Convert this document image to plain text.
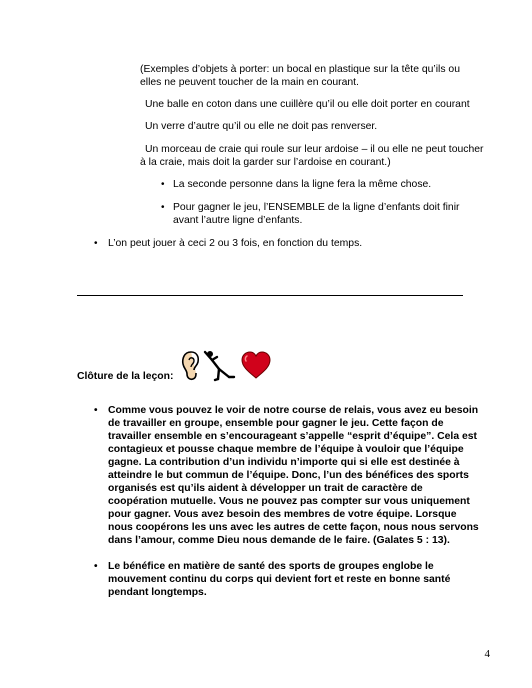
(Exemples d’objets à porter: un bocal en plastique sur la tête qu’ils ou

elles ne peuvent toucher de la main en courant.

Une balle en coton dans une cuillère qu’il ou elle doit porter en courant

Un verre d’autre qu’il ou elle ne doit pas renverser.

Un morceau de craie qui roule sur leur ardoise – il ou elle ne peut toucher

à la craie, mais doit la garder sur l’ardoise en courant.)

• La seconde personne dans la ligne fera la même chose.

• Pour gagner le jeu, l’ENSEMBLE de la ligne d’enfants doit finir

avant l’autre ligne d’enfants.

• L’on peut jouer à ceci 2 ou 3 fois, en fonction du temps.

Clôture de la leçon:

• Comme vous pouvez le voir de notre course de relais, vous avez eu besoin

de travailler en groupe, ensemble pour gagner le jeu. Cette façon de

travailler ensemble en s’encourageant s’appelle “esprit d’équipe”. Cela est

contagieux et pousse chaque membre de l’équipe à vouloir que l’équipe

gagne. La contribution d’un individu n’importe qui si elle est destinée à

atteindre le but commun de l’équipe. Donc, l’un des bénéfices des sports

organisés est qu’ils aident à développer un trait de caractère de

coopération mutuelle. Vous ne pouvez pas compter sur vous uniquement

pour gagner. Vous avez besoin des membres de votre équipe. Lorsque

nous coopérons les uns avec les autres de cette façon, nous nous servons

dans l’amour, comme Dieu nous demande de le faire. (Galates 5 : 13).

• Le bénéfice en matière de santé des sports de groupes englobe le

mouvement continu du corps qui devient fort et reste en bonne santé

pendant longtemps.

4
